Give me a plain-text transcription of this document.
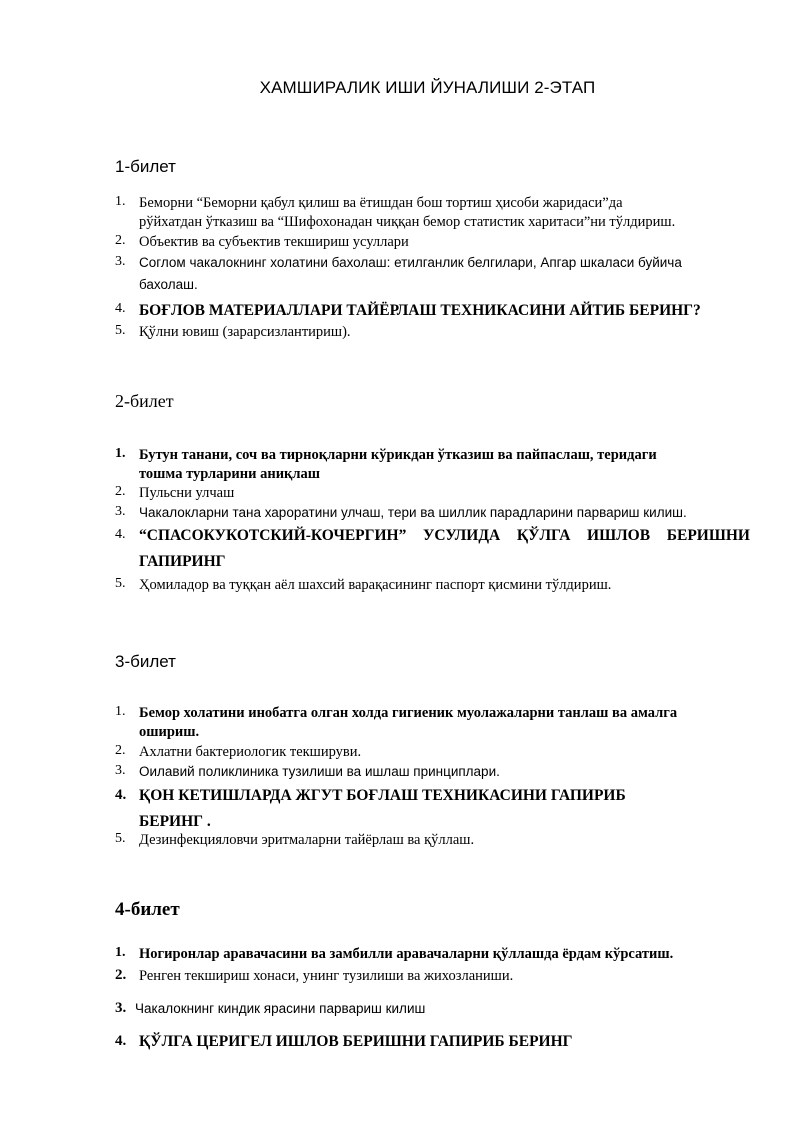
ХАМШИРАЛИК ИШИ ЙУНАЛИШИ 2-ЭТАП
1-билет
1. Беморни “Беморни қабул қилиш ва ётишдан бош тортиш ҳисоби жаридаси”да
рўйхатдан ўтказиш ва “Шифохонадан чиққан бемор статистик харитаси”ни тўлдириш.
2. Объектив ва субъектив текшириш усуллари
3.	Соглом чакалокнинг холатини бахолаш: етилганлик белгилари, Апгар шкаласи буйича
бахолаш.
4. БОҒЛОВ МАТЕРИАЛЛАРИ ТАЙЁРЛАШ ТЕХНИКАСИНИ АЙТИБ БЕРИНГ?
5. Қўлни ювиш (зарарсизлантириш).
2-билет
1. Бутун танани, соч ва тирноқларни кўрикдан ўтказиш ва пайпаслаш, теридаги
тошма турларини аниқлаш
2. Пульсни улчаш
3.	Чакалокларни тана хароратини улчаш, тери ва шиллик парадларини парвариш килиш.
4. “СПАСОКУКОТСКИЙ-КОЧЕРГИН” УСУЛИДА ҚЎЛГА ИШЛОВ БЕРИШНИ
ГАПИРИНГ
5. Ҳомиладор ва туққан аёл шахсий варақасининг паспорт қисмини тўлдириш.
3-билет
1. Бемор холатини инобатга олган холда гигиеник муолажаларни танлаш ва амалга
ошириш.
2. Ахлатни бактериологик текшируви.
3.	Оилавий поликлиника тузилиши ва ишлаш принциплари.
4. ҚОН КЕТИШЛАРДА ЖГУТ БОҒЛАШ ТЕХНИКАСИНИ ГАПИРИБ
БЕРИНГ .
5. Дезинфекцияловчи эритмаларни тайёрлаш ва қўллаш.
4-билет
1. Ногиронлар аравачасини ва замбилли аравачаларни қўллашда ёрдам кўрсатиш.
2. Ренген текшириш хонаси, унинг тузилиши ва жихозланиши.
3. Чакалокнинг киндик ярасини парвариш килиш
4. ҚЎЛГА ЦЕРИГЕЛ ИШЛОВ БЕРИШНИ ГАПИРИБ БЕРИНГ
